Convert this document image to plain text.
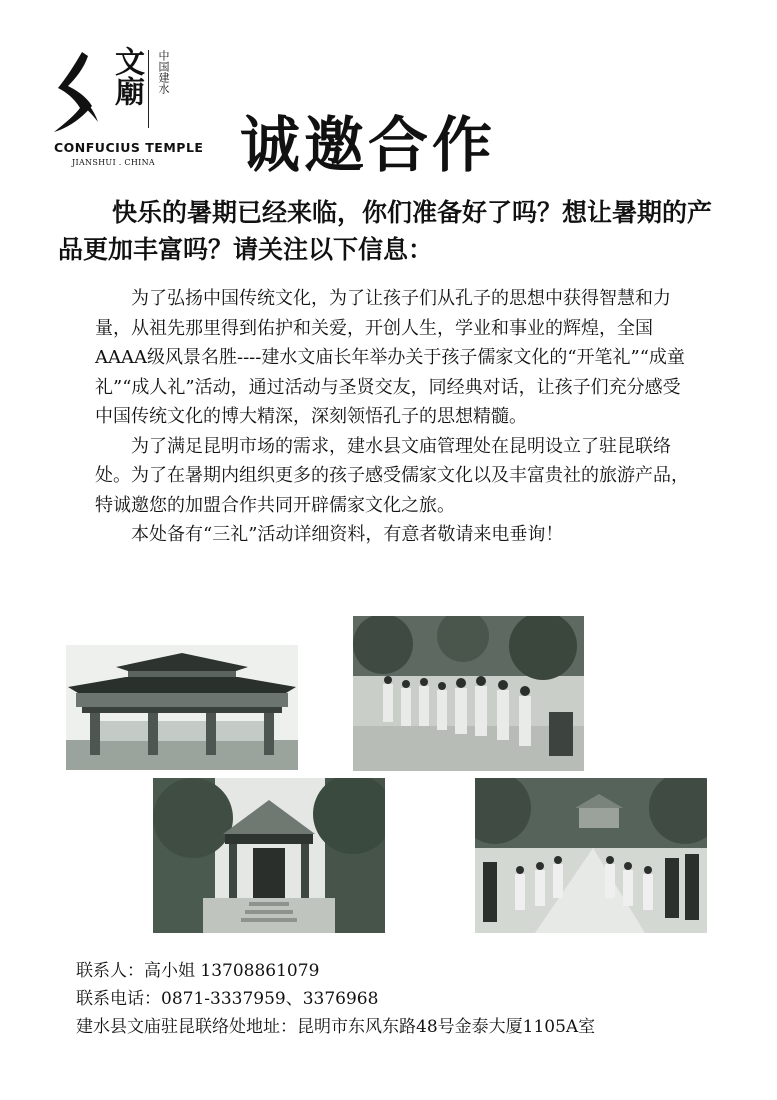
文廟 中国建水
CONFUCIUS TEMPLE
JIANSHUI . CHINA 诚邀合作

快乐的暑期已经来临，你们准备好了吗？想让暑期的产品更加丰富吗？请关注以下信息：

为了弘扬中国传统文化，为了让孩子们从孔子的思想中获得智慧和力量，从祖先那里得到佑护和关爱，开创人生，学业和事业的辉煌，全国AAAA级风景名胜----建水文庙长年举办关于孩子儒家文化的“开笔礼”“成童礼”“成人礼”活动，通过活动与圣贤交友，同经典对话，让孩子们充分感受中国传统文化的博大精深，深刻领悟孔子的思想精髓。

为了满足昆明市场的需求，建水县文庙管理处在昆明设立了驻昆联络处。为了在暑期内组织更多的孩子感受儒家文化以及丰富贵社的旅游产品，特诚邀您的加盟合作共同开辟儒家文化之旅。

本处备有“三礼”活动详细资料，有意者敬请来电垂询！

联系人：高小姐 13708861079
联系电话：0871-3337959、3376968
建水县文庙驻昆联络处地址：昆明市东风东路48号金泰大厦1105A室
